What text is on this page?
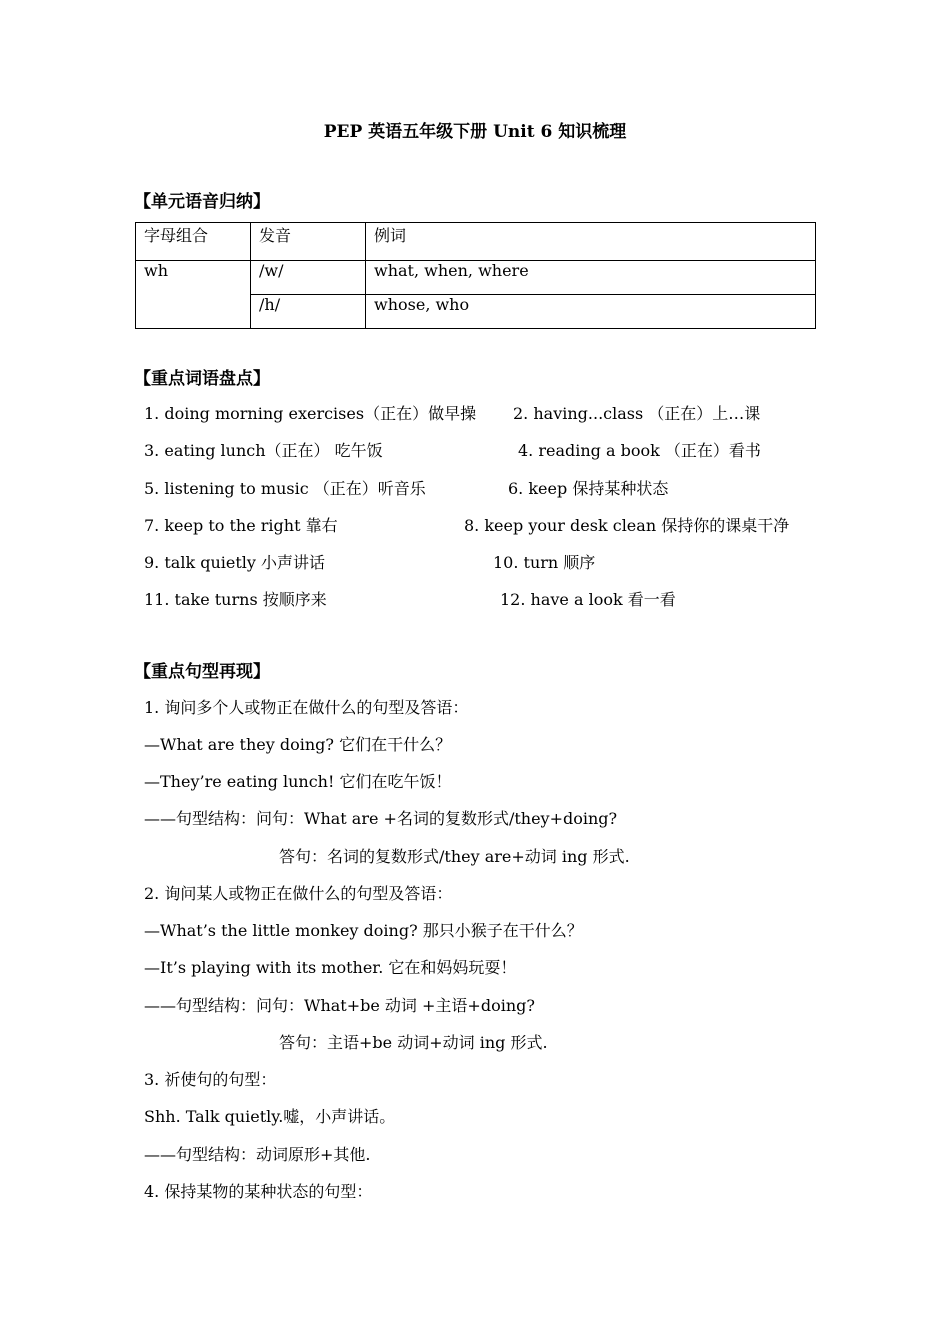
PEP 英语五年级下册 Unit 6 知识梳理
【单元语音归纳】
字母组合	发音	例词
wh	/w/	what, when, where
	/h/	whose, who
【重点词语盘点】
1. doing morning exercises（正在）做早操 2. having...class （正在）上…课
3. eating lunch（正在） 吃午饭	4. reading a book （正在）看书
5. listening to music （正在）听音乐	6. keep 保持某种状态
7. keep to the right 靠右	8. keep your desk clean 保持你的课桌干净
9. talk quietly 小声讲话	10. turn 顺序
11. take turns 按顺序来	12. have a look 看一看
【重点句型再现】
1. 询问多个人或物正在做什么的句型及答语：
—What are they doing? 它们在干什么？
—They’re eating lunch! 它们在吃午饭！
——句型结构：问句：What are +名词的复数形式/they+doing?
答句：名词的复数形式/they are+动词 ing 形式.
2. 询问某人或物正在做什么的句型及答语：
—What’s the little monkey doing? 那只小猴子在干什么？
—It’s playing with its mother. 它在和妈妈玩耍！
——句型结构：问句：What+be 动词 +主语+doing?
答句：主语+be 动词+动词 ing 形式.
3. 祈使句的句型：
Shh. Talk quietly.嘘，小声讲话。
——句型结构：动词原形+其他.
4. 保持某物的某种状态的句型：
